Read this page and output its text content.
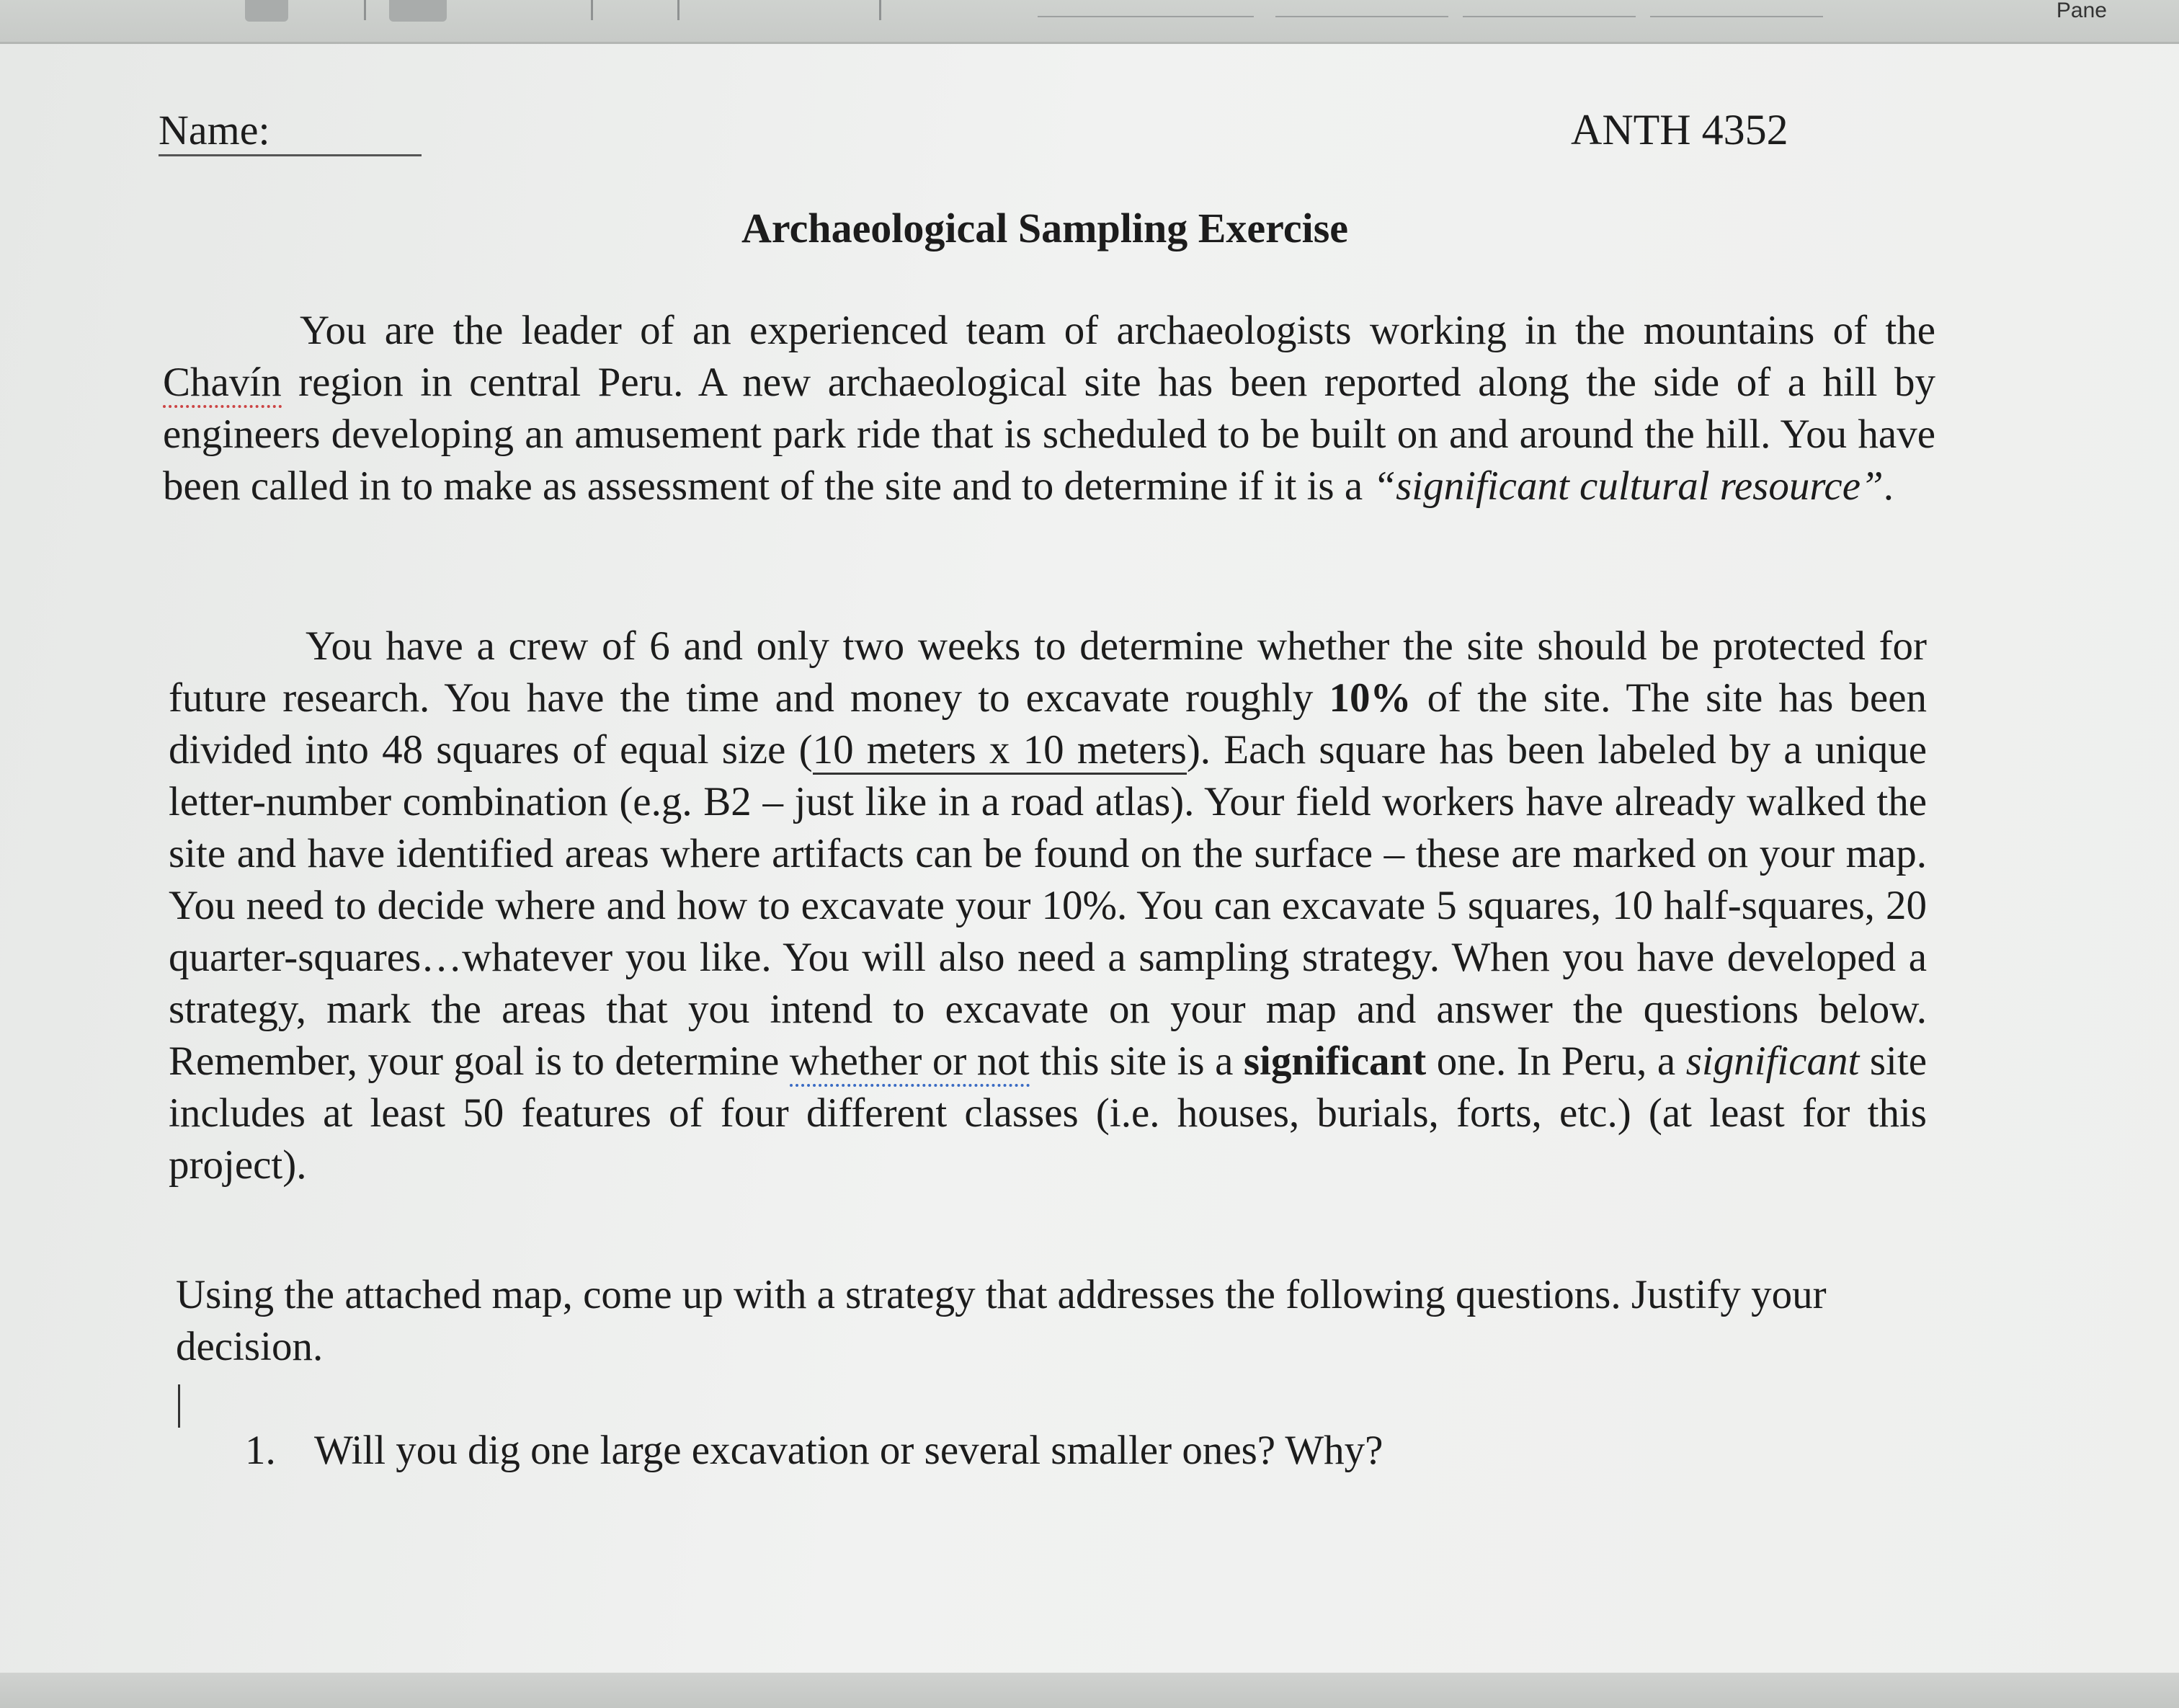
Pane
Name:	ANTH 4352
Archaeological Sampling Exercise

You are the leader of an experienced team of archaeologists working in the mountains of the Chavín region in central Peru. A new archaeological site has been reported along the side of a hill by engineers developing an amusement park ride that is scheduled to be built on and around the hill. You have been called in to make as assessment of the site and to determine if it is a “significant cultural resource”.

You have a crew of 6 and only two weeks to determine whether the site should be protected for future research. You have the time and money to excavate roughly 10% of the site. The site has been divided into 48 squares of equal size (10 meters x 10 meters). Each square has been labeled by a unique letter-number combination (e.g. B2 – just like in a road atlas). Your field workers have already walked the site and have identified areas where artifacts can be found on the surface – these are marked on your map. You need to decide where and how to excavate your 10%. You can excavate 5 squares, 10 half-squares, 20 quarter-squares…whatever you like. You will also need a sampling strategy. When you have developed a strategy, mark the areas that you intend to excavate on your map and answer the questions below. Remember, your goal is to determine whether or not this site is a significant one. In Peru, a significant site includes at least 50 features of four different classes (i.e. houses, burials, forts, etc.) (at least for this project).

Using the attached map, come up with a strategy that addresses the following questions. Justify your decision.

1. Will you dig one large excavation or several smaller ones? Why?
